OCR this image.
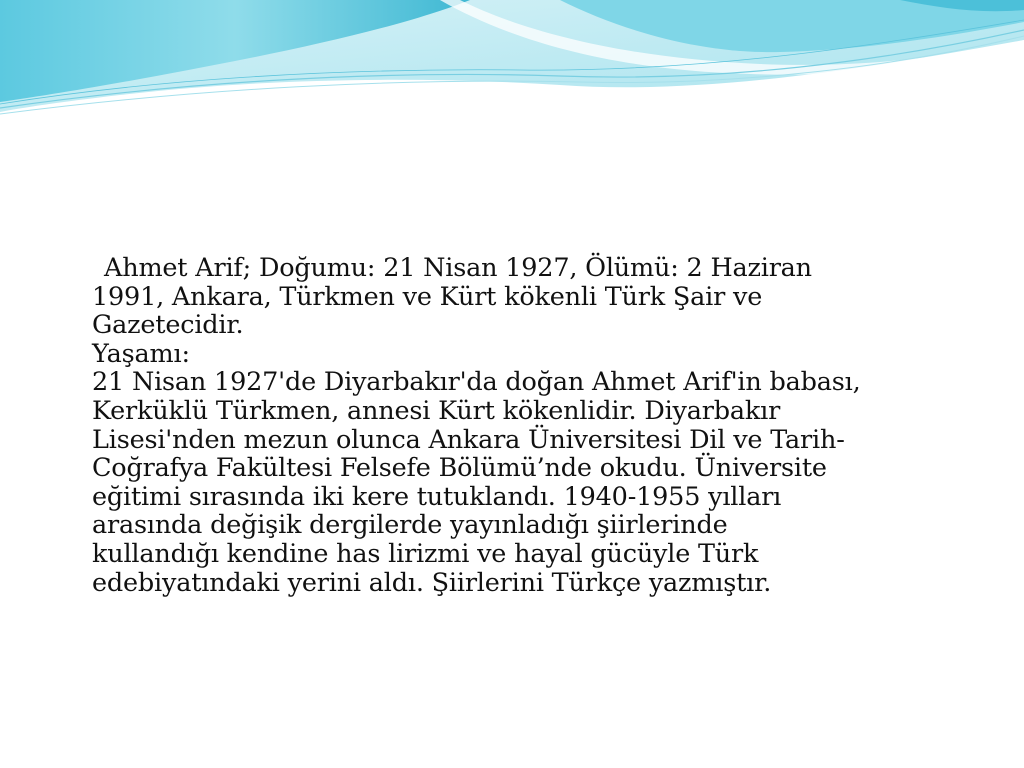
Ahmet Arif; Doğumu: 21 Nisan 1927, Ölümü: 2 Haziran
1991, Ankara, Türkmen ve Kürt kökenli Türk Şair ve
Gazetecidir.
Yaşamı:
21 Nisan 1927'de Diyarbakır'da doğan Ahmet Arif'in babası,
Kerküklü Türkmen, annesi Kürt kökenlidir. Diyarbakır
Lisesi'nden mezun olunca Ankara Üniversitesi Dil ve Tarih-
Coğrafya Fakültesi Felsefe Bölümü’nde okudu. Üniversite
eğitimi sırasında iki kere tutuklandı. 1940-1955 yılları
arasında değişik dergilerde yayınladığı şiirlerinde
kullandığı kendine has lirizmi ve hayal gücüyle Türk
edebiyatındaki yerini aldı. Şiirlerini Türkçe yazmıştır.
